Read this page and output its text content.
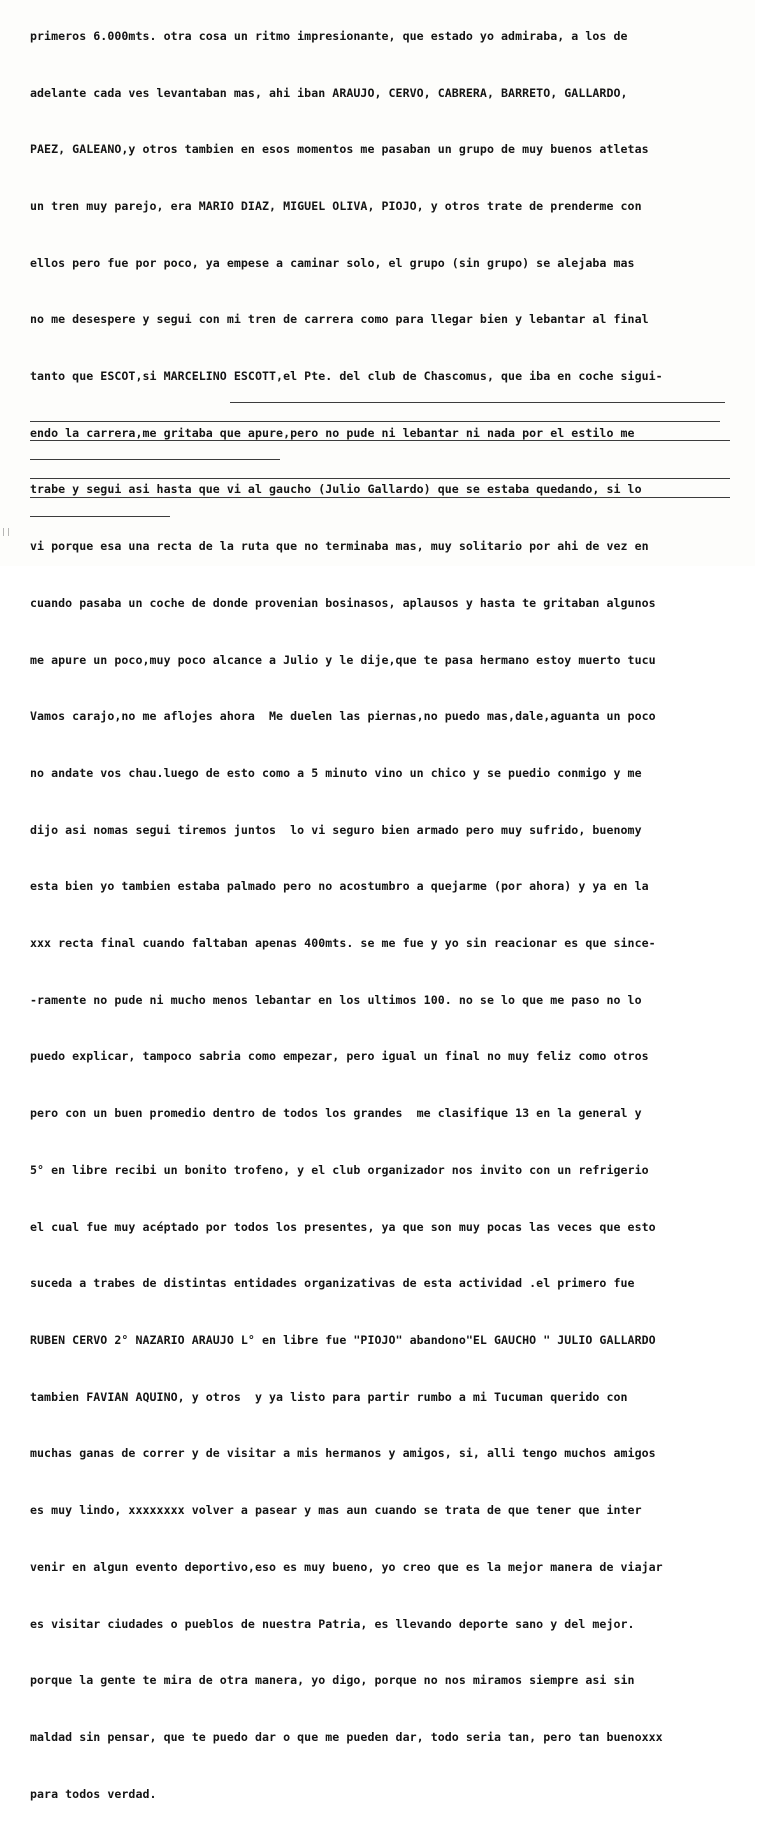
primeros 6.000mts. otra cosa un ritmo impresionante, que estado yo admiraba, a los de

adelante cada ves levantaban mas, ahi iban ARAUJO, CERVO, CABRERA, BARRETO, GALLARDO,

PAEZ, GALEANO,y otros tambien en esos momentos me pasaban un grupo de muy buenos atletas

un tren muy parejo, era MARIO DIAZ, MIGUEL OLIVA, PIOJO, y otros trate de prenderme con

ellos pero fue por poco, ya empese a caminar solo, el grupo (sin grupo) se alejaba mas

no me desespere y segui con mi tren de carrera como para llegar bien y lebantar al final

tanto que ESCOT,si MARCELINO ESCOTT,el Pte. del club de Chascomus, que iba en coche sigui-

endo la carrera,me gritaba que apure,pero no pude ni lebantar ni nada por el estilo me

trabe y segui asi hasta que vi al gaucho (Julio Gallardo) que se estaba quedando, si lo

vi porque esa una recta de la ruta que no terminaba mas, muy solitario por ahi de vez en

cuando pasaba un coche de donde provenian bosinasos, aplausos y hasta te gritaban algunos

me apure un poco,muy poco alcance a Julio y le dije,que te pasa hermano estoy muerto tucu

Vamos carajo,no me aflojes ahora  Me duelen las piernas,no puedo mas,dale,aguanta un poco

no andate vos chau.luego de esto como a 5 minuto vino un chico y se puedio conmigo y me

dijo asi nomas segui tiremos juntos  lo vi seguro bien armado pero muy sufrido, buenomy

esta bien yo tambien estaba palmado pero no acostumbro a quejarme (por ahora) y ya en la

xxx recta final cuando faltaban apenas 400mts. se me fue y yo sin reacionar es que since-

-ramente no pude ni mucho menos lebantar en los ultimos 100. no se lo que me paso no lo

puedo explicar, tampoco sabria como empezar, pero igual un final no muy feliz como otros

pero con un buen promedio dentro de todos los grandes  me clasifique 13 en la general y

5° en libre recibi un bonito trofeno, y el club organizador nos invito con un refrigerio

el cual fue muy acéptado por todos los presentes, ya que son muy pocas las veces que esto

suceda a trabes de distintas entidades organizativas de esta actividad .el primero fue

RUBEN CERVO 2° NAZARIO ARAUJO L° en libre fue "PIOJO" abandono"EL GAUCHO " JULIO GALLARDO

tambien FAVIAN AQUINO, y otros  y ya listo para partir rumbo a mi Tucuman querido con

muchas ganas de correr y de visitar a mis hermanos y amigos, si, alli tengo muchos amigos

es muy lindo, xxxxxxxx volver a pasear y mas aun cuando se trata de que tener que inter

venir en algun evento deportivo,eso es muy bueno, yo creo que es la mejor manera de viajar

es visitar ciudades o pueblos de nuestra Patria, es llevando deporte sano y del mejor.

porque la gente te mira de otra manera, yo digo, porque no nos miramos siempre asi sin

maldad sin pensar, que te puedo dar o que me pueden dar, todo seria tan, pero tan buenoxxx

para todos verdad.
